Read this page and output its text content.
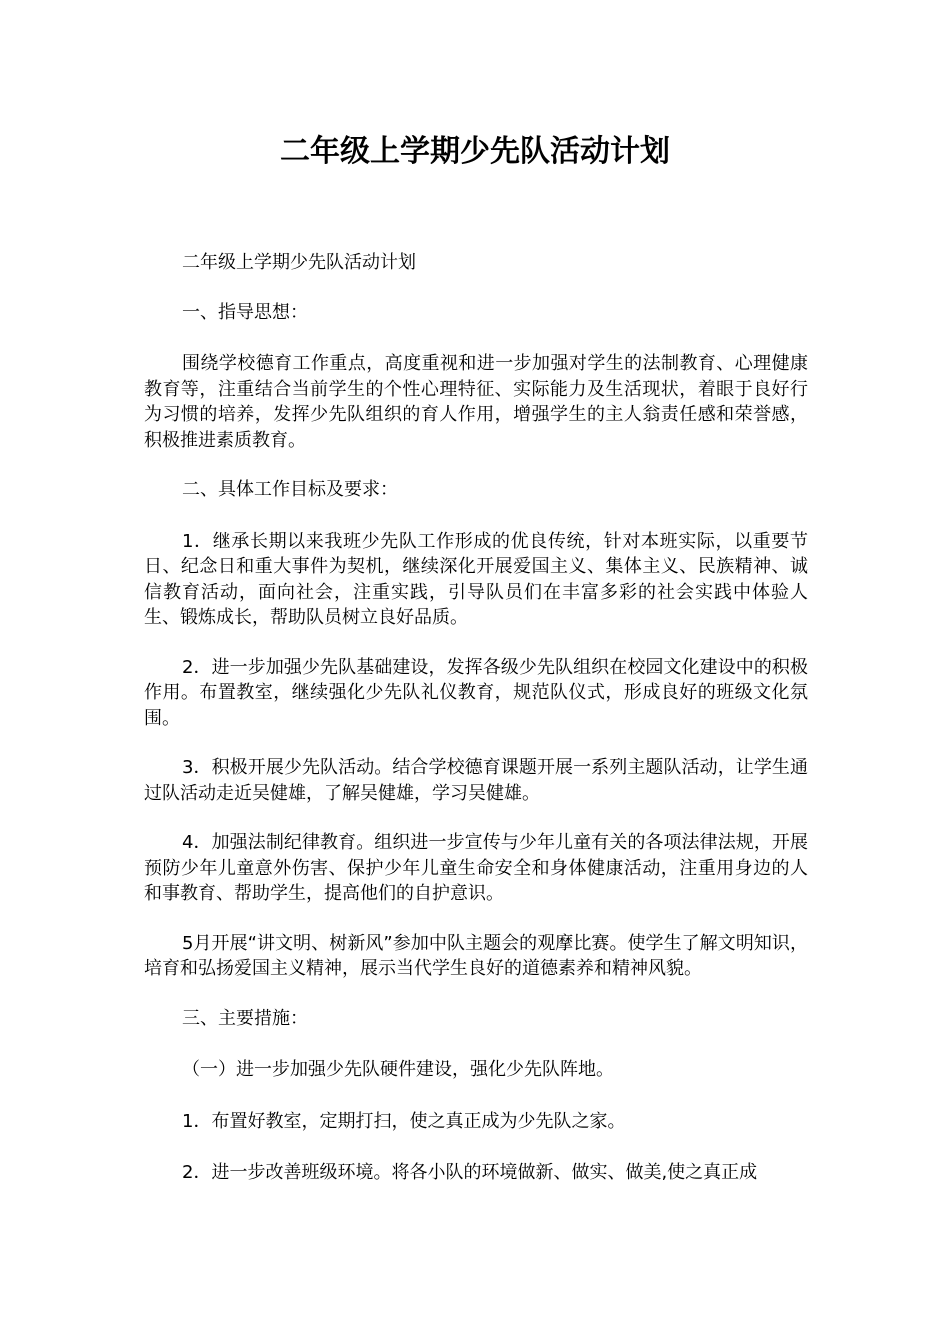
二年级上学期少先队活动计划

二年级上学期少先队活动计划

一、指导思想：

围绕学校德育工作重点，高度重视和进一步加强对学生的法制教育、心理健康教育等，注重结合当前学生的个性心理特征、实际能力及生活现状，着眼于良好行为习惯的培养，发挥少先队组织的育人作用，增强学生的主人翁责任感和荣誉感，积极推进素质教育。

二、具体工作目标及要求：

1．继承长期以来我班少先队工作形成的优良传统，针对本班实际，以重要节日、纪念日和重大事件为契机，继续深化开展爱国主义、集体主义、民族精神、诚信教育活动，面向社会，注重实践，引导队员们在丰富多彩的社会实践中体验人生、锻炼成长，帮助队员树立良好品质。

2．进一步加强少先队基础建设，发挥各级少先队组织在校园文化建设中的积极作用。布置教室，继续强化少先队礼仪教育，规范队仪式，形成良好的班级文化氛围。

3．积极开展少先队活动。结合学校德育课题开展一系列主题队活动，让学生通过队活动走近吴健雄，了解吴健雄，学习吴健雄。

4．加强法制纪律教育。组织进一步宣传与少年儿童有关的各项法律法规，开展预防少年儿童意外伤害、保护少年儿童生命安全和身体健康活动，注重用身边的人和事教育、帮助学生，提高他们的自护意识。

5月开展“讲文明、树新风”参加中队主题会的观摩比赛。使学生了解文明知识，培育和弘扬爱国主义精神，展示当代学生良好的道德素养和精神风貌。

三、主要措施：

（一）进一步加强少先队硬件建设，强化少先队阵地。

1．布置好教室，定期打扫，使之真正成为少先队之家。

2．进一步改善班级环境。将各小队的环境做新、做实、做美,使之真正成
